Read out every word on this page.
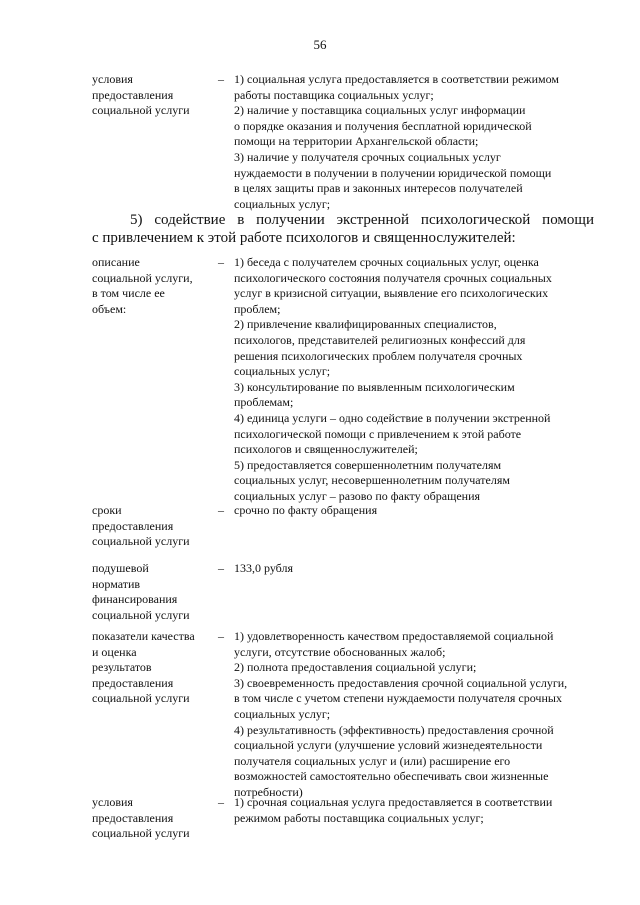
56
условия
предоставления
социальной услуги
– 1) социальная услуга предоставляется в соответствии режимом
работы поставщика социальных услуг;
2) наличие у поставщика социальных услуг информации
о порядке оказания и получения бесплатной юридической
помощи на территории Архангельской области;
3) наличие у получателя срочных социальных услуг
нуждаемости в получении в получении юридической помощи
в целях защиты прав и законных интересов получателей
социальных услуг;
5) содействие в получении экстренной психологической помощи
с привлечением к этой работе психологов и священнослужителей:
описание
социальной услуги,
в том числе ее
объем:
– 1) беседа с получателем срочных социальных услуг, оценка
психологического состояния получателя срочных социальных
услуг в кризисной ситуации, выявление его психологических
проблем;
2) привлечение квалифицированных специалистов,
психологов, представителей религиозных конфессий для
решения психологических проблем получателя срочных
социальных услуг;
3) консультирование по выявленным психологическим
проблемам;
4) единица услуги – одно содействие в получении экстренной
психологической помощи с привлечением к этой работе
психологов и священнослужителей;
5) предоставляется совершеннолетним получателям
социальных услуг, несовершеннолетним получателям
социальных услуг – разово по факту обращения
сроки
предоставления
социальной услуги
– срочно по факту обращения
подушевой
норматив
финансирования
социальной услуги
– 133,0 рубля
показатели качества
и оценка
результатов
предоставления
социальной услуги
– 1) удовлетворенность качеством предоставляемой социальной
услуги, отсутствие обоснованных жалоб;
2) полнота предоставления социальной услуги;
3) своевременность предоставления срочной социальной услуги,
в том числе с учетом степени нуждаемости получателя срочных
социальных услуг;
4) результативность (эффективность) предоставления срочной
социальной услуги (улучшение условий жизнедеятельности
получателя социальных услуг и (или) расширение его
возможностей самостоятельно обеспечивать свои жизненные
потребности)
условия
предоставления
социальной услуги
– 1) срочная социальная услуга предоставляется в соответствии
режимом работы поставщика социальных услуг;
